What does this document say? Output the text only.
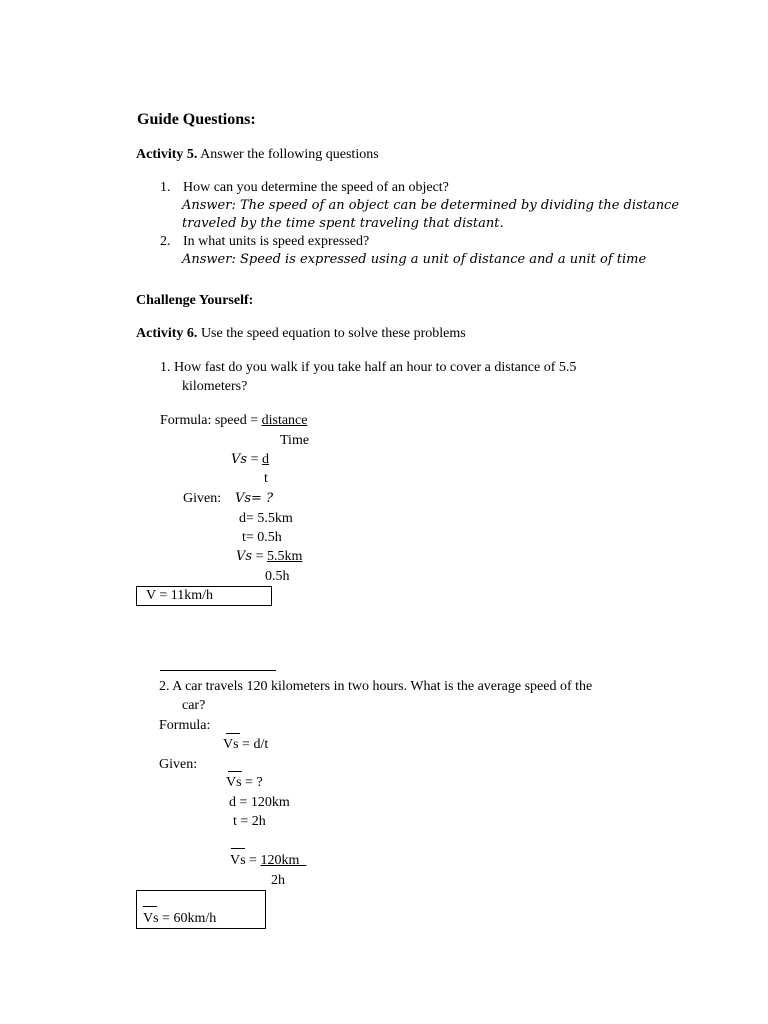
Guide Questions:
Activity 5. Answer the following questions
1. How can you determine the speed of an object?
Answer: The speed of an object can be determined by dividing the distance
traveled by the time spent traveling that distant.
2. In what units is speed expressed?
Answer: Speed is expressed using a unit of distance and a unit of time
Challenge Yourself:
Activity 6. Use the speed equation to solve these problems
1. How fast do you walk if you take half an hour to cover a distance of 5.5
kilometers?
Formula: speed = distance
Time
Vs = d
t
Given: Vs= ?
d= 5.5km
t= 0.5h
Vs = 5.5km
0.5h
V = 11km/h
2. A car travels 120 kilometers in two hours. What is the average speed of the
car?
Formula:
Vs = d/t
Given:
Vs = ?
d = 120km
t = 2h
Vs = 120km
2h
Vs = 60km/h
